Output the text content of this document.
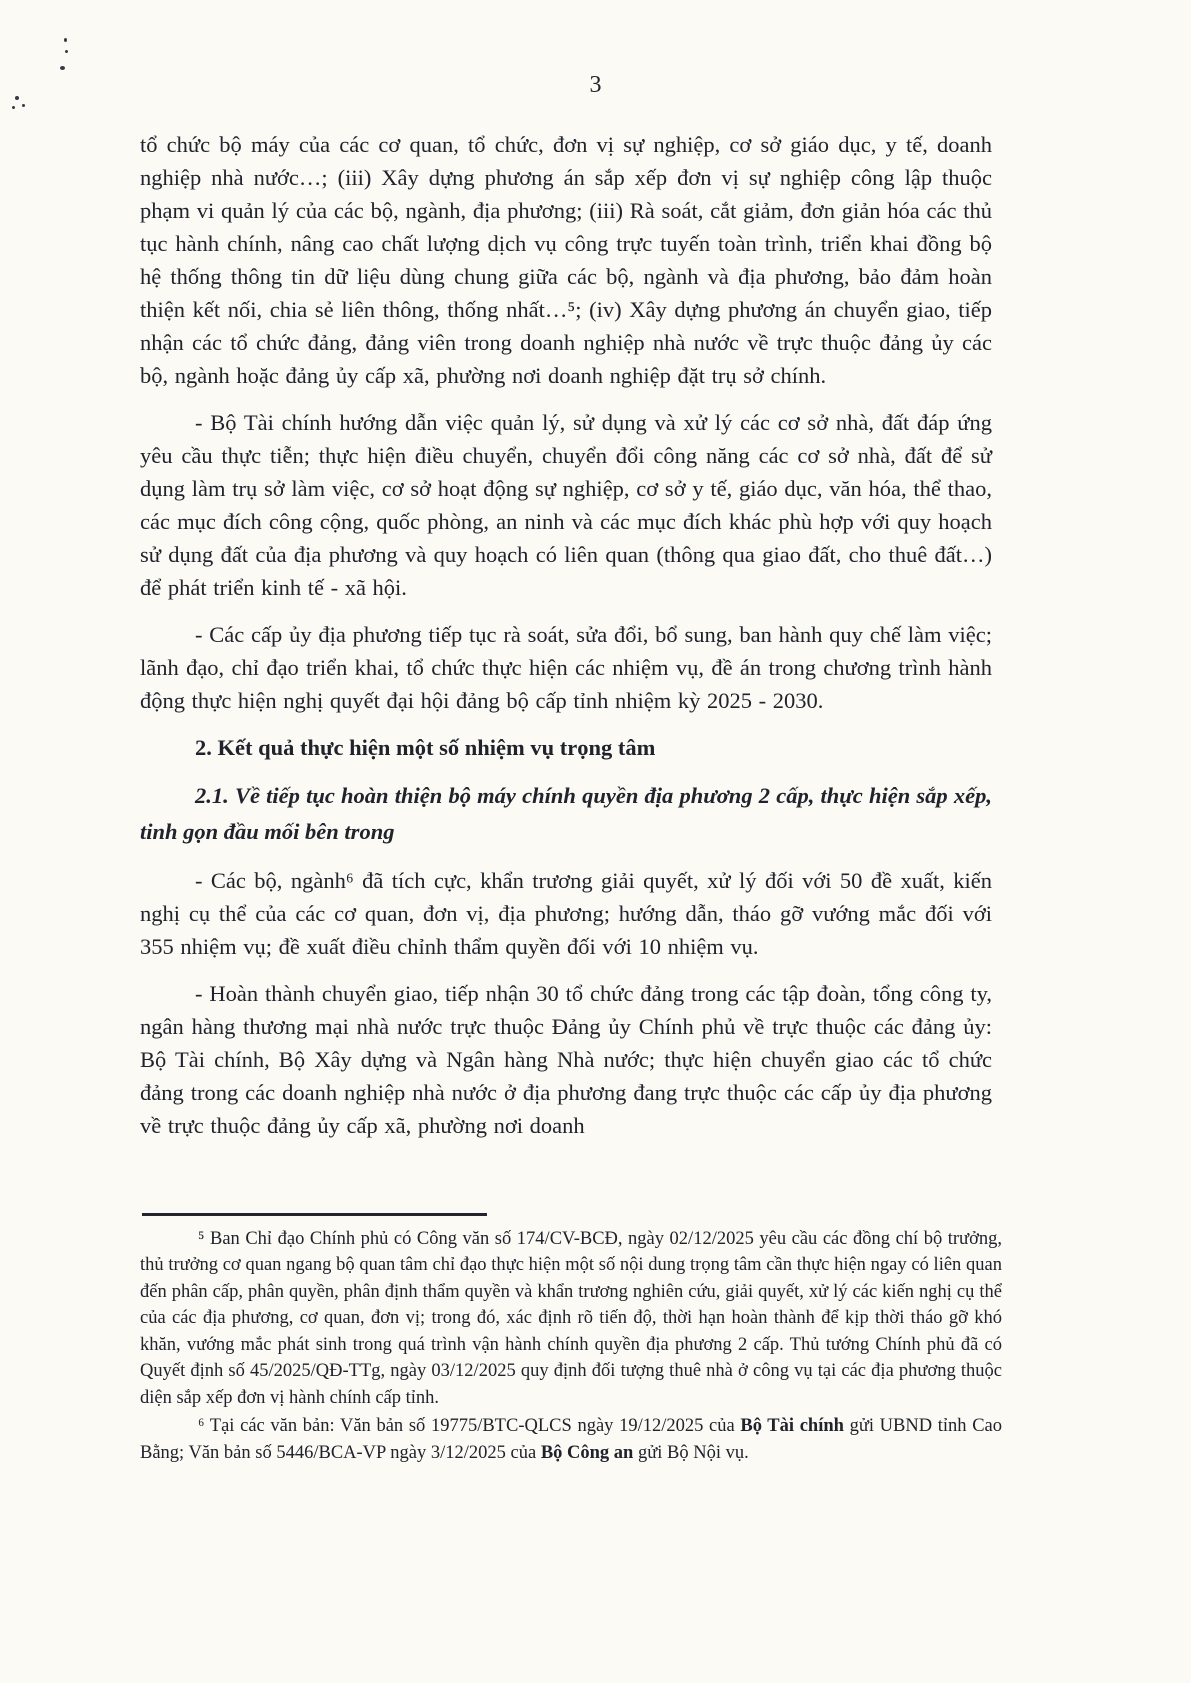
3

tổ chức bộ máy của các cơ quan, tổ chức, đơn vị sự nghiệp, cơ sở giáo dục, y tế, doanh nghiệp nhà nước…; (iii) Xây dựng phương án sắp xếp đơn vị sự nghiệp công lập thuộc phạm vi quản lý của các bộ, ngành, địa phương; (iii) Rà soát, cắt giảm, đơn giản hóa các thủ tục hành chính, nâng cao chất lượng dịch vụ công trực tuyến toàn trình, triển khai đồng bộ hệ thống thông tin dữ liệu dùng chung giữa các bộ, ngành và địa phương, bảo đảm hoàn thiện kết nối, chia sẻ liên thông, thống nhất…⁵; (iv) Xây dựng phương án chuyển giao, tiếp nhận các tổ chức đảng, đảng viên trong doanh nghiệp nhà nước về trực thuộc đảng ủy các bộ, ngành hoặc đảng ủy cấp xã, phường nơi doanh nghiệp đặt trụ sở chính.

- Bộ Tài chính hướng dẫn việc quản lý, sử dụng và xử lý các cơ sở nhà, đất đáp ứng yêu cầu thực tiễn; thực hiện điều chuyển, chuyển đổi công năng các cơ sở nhà, đất để sử dụng làm trụ sở làm việc, cơ sở hoạt động sự nghiệp, cơ sở y tế, giáo dục, văn hóa, thể thao, các mục đích công cộng, quốc phòng, an ninh và các mục đích khác phù hợp với quy hoạch sử dụng đất của địa phương và quy hoạch có liên quan (thông qua giao đất, cho thuê đất…) để phát triển kinh tế - xã hội.

- Các cấp ủy địa phương tiếp tục rà soát, sửa đổi, bổ sung, ban hành quy chế làm việc; lãnh đạo, chỉ đạo triển khai, tổ chức thực hiện các nhiệm vụ, đề án trong chương trình hành động thực hiện nghị quyết đại hội đảng bộ cấp tỉnh nhiệm kỳ 2025 - 2030.

2. Kết quả thực hiện một số nhiệm vụ trọng tâm

2.1. Về tiếp tục hoàn thiện bộ máy chính quyền địa phương 2 cấp, thực hiện sắp xếp, tinh gọn đầu mối bên trong

- Các bộ, ngành⁶ đã tích cực, khẩn trương giải quyết, xử lý đối với 50 đề xuất, kiến nghị cụ thể của các cơ quan, đơn vị, địa phương; hướng dẫn, tháo gỡ vướng mắc đối với 355 nhiệm vụ; đề xuất điều chỉnh thẩm quyền đối với 10 nhiệm vụ.

- Hoàn thành chuyển giao, tiếp nhận 30 tổ chức đảng trong các tập đoàn, tổng công ty, ngân hàng thương mại nhà nước trực thuộc Đảng ủy Chính phủ về trực thuộc các đảng ủy: Bộ Tài chính, Bộ Xây dựng và Ngân hàng Nhà nước; thực hiện chuyển giao các tổ chức đảng trong các doanh nghiệp nhà nước ở địa phương đang trực thuộc các cấp ủy địa phương về trực thuộc đảng ủy cấp xã, phường nơi doanh

⁵ Ban Chỉ đạo Chính phủ có Công văn số 174/CV-BCĐ, ngày 02/12/2025 yêu cầu các đồng chí bộ trưởng, thủ trưởng cơ quan ngang bộ quan tâm chỉ đạo thực hiện một số nội dung trọng tâm cần thực hiện ngay có liên quan đến phân cấp, phân quyền, phân định thẩm quyền và khẩn trương nghiên cứu, giải quyết, xử lý các kiến nghị cụ thể của các địa phương, cơ quan, đơn vị; trong đó, xác định rõ tiến độ, thời hạn hoàn thành để kịp thời tháo gỡ khó khăn, vướng mắc phát sinh trong quá trình vận hành chính quyền địa phương 2 cấp. Thủ tướng Chính phủ đã có Quyết định số 45/2025/QĐ-TTg, ngày 03/12/2025 quy định đối tượng thuê nhà ở công vụ tại các địa phương thuộc diện sắp xếp đơn vị hành chính cấp tỉnh.

⁶ Tại các văn bản: Văn bản số 19775/BTC-QLCS ngày 19/12/2025 của Bộ Tài chính gửi UBND tỉnh Cao Bằng; Văn bản số 5446/BCA-VP ngày 3/12/2025 của Bộ Công an gửi Bộ Nội vụ.
